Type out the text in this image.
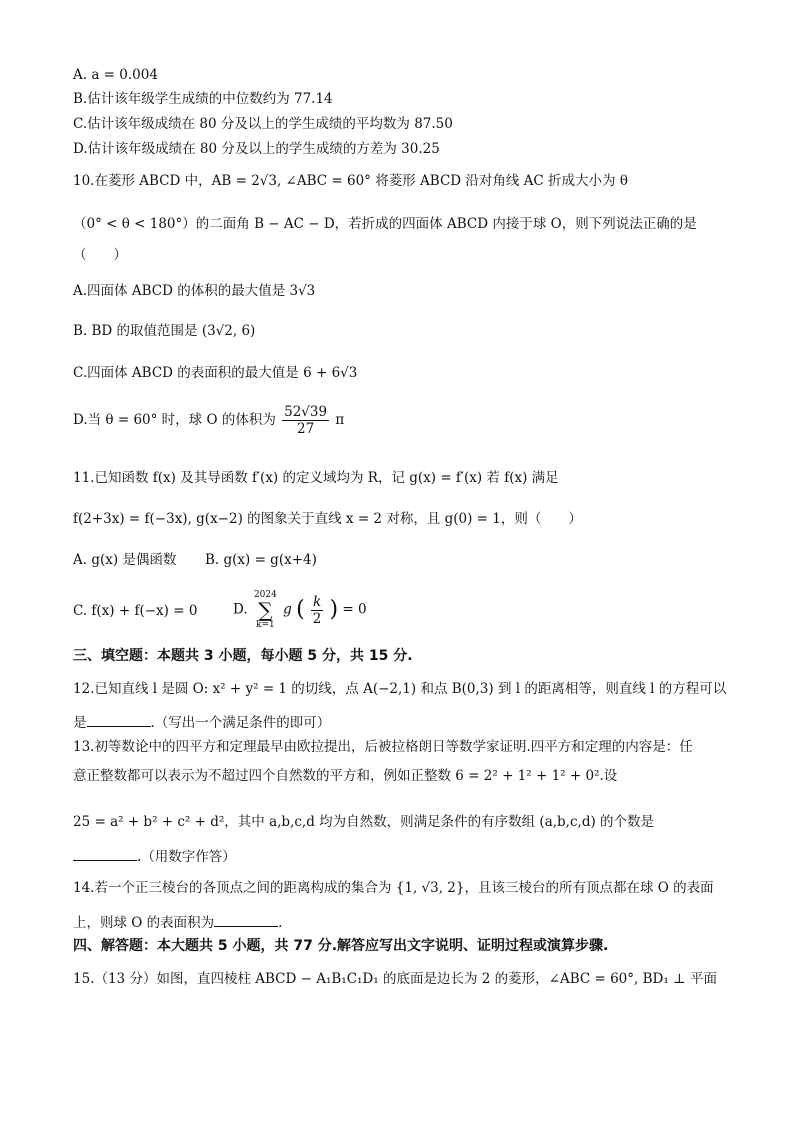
A. a = 0.004
B.估计该年级学生成绩的中位数约为 77.14
C.估计该年级成绩在 80 分及以上的学生成绩的平均数为 87.50
D.估计该年级成绩在 80 分及以上的学生成绩的方差为 30.25
10.在菱形 ABCD 中，AB = 2√3, ∠ABC = 60° 将菱形 ABCD 沿对角线 AC 折成大小为 θ
（0° < θ < 180°）的二面角 B − AC − D，若折成的四面体 ABCD 内接于球 O，则下列说法正确的是
（　　）
A.四面体 ABCD 的体积的最大值是 3√3
B. BD 的取值范围是 (3√2, 6)
C.四面体 ABCD 的表面积的最大值是 6 + 6√3
D.当 θ = 60° 时，球 O 的体积为 $\frac{52√39}{27}$ π
11.已知函数 f(x) 及其导函数 f′(x) 的定义域均为 R，记 g(x) = f′(x) 若 f(x) 满足
f(2+3x) = f(−3x), g(x−2) 的图象关于直线 x = 2 对称，且 g(0) = 1，则（　　）
A. g(x) 是偶函数	B. g(x) = g(x+4)
C. f(x) + f(−x) = 0	D. 2024
∑
k=1 g ( $\frac{k}{2}$ ) = 0
三、填空题：本题共 3 小题，每小题 5 分，共 15 分.
12.已知直线 l 是圆 O: x² + y² = 1 的切线，点 A(−2,1) 和点 B(0,3) 到 l 的距离相等，则直线 l 的方程可以
是	.（写出一个满足条件的即可）
13.初等数论中的四平方和定理最早由欧拉提出，后被拉格朗日等数学家证明.四平方和定理的内容是：任
意正整数都可以表示为不超过四个自然数的平方和，例如正整数 6 = 2² + 1² + 1² + 0².设
25 = a² + b² + c² + d²，其中 a,b,c,d 均为自然数，则满足条件的有序数组 (a,b,c,d) 的个数是
.（用数字作答）
14.若一个正三棱台的各顶点之间的距离构成的集合为 {1, √3, 2}，且该三棱台的所有顶点都在球 O 的表面
上，则球 O 的表面积为	.
四、解答题：本大题共 5 小题，共 77 分.解答应写出文字说明、证明过程或演算步骤.
15.（13 分）如图，直四棱柱 ABCD − A₁B₁C₁D₁ 的底面是边长为 2 的菱形，∠ABC = 60°, BD₁ ⊥ 平面
